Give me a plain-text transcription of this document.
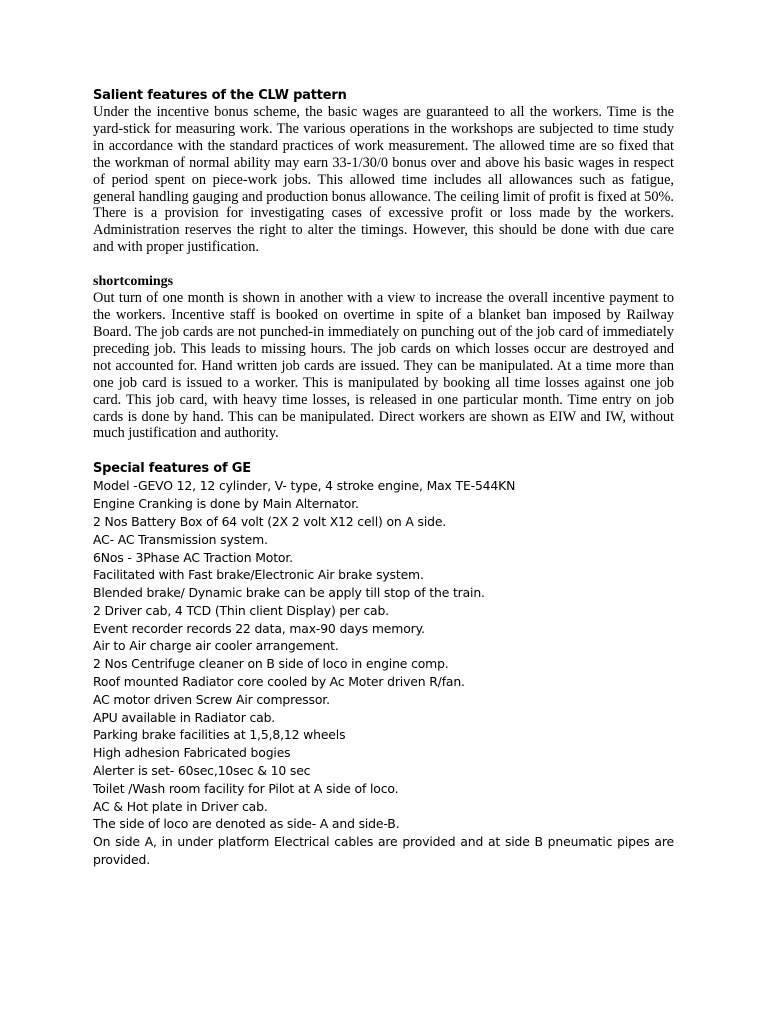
Salient features of the CLW pattern

Under the incentive bonus scheme, the basic wages are guaranteed to all the workers. Time is the yard-stick for measuring work. The various operations in the workshops are subjected to time study in accordance with the standard practices of work measurement. The allowed time are so fixed that the workman of normal ability may earn 33-1/30/0 bonus over and above his basic wages in respect of period spent on piece-work jobs. This allowed time includes all allowances such as fatigue, general handling gauging and production bonus allowance. The ceiling limit of profit is fixed at 50%. There is a provision for investigating cases of excessive profit or loss made by the workers. Administration reserves the right to alter the timings. However, this should be done with due care and with proper justification.

shortcomings

Out turn of one month is shown in another with a view to increase the overall incentive payment to the workers. Incentive staff is booked on overtime in spite of a blanket ban imposed by Railway Board. The job cards are not punched-in immediately on punching out of the job card of immediately preceding job. This leads to missing hours. The job cards on which losses occur are destroyed and not accounted for. Hand written job cards are issued. They can be manipulated. At a time more than one job card is issued to a worker. This is manipulated by booking all time losses against one job card. This job card, with heavy time losses, is released in one particular month. Time entry on job cards is done by hand. This can be manipulated. Direct workers are shown as EIW and IW, without much justification and authority.

Special features of GE
Model -GEVO 12, 12 cylinder, V- type, 4 stroke engine, Max TE-544KN
Engine Cranking is done by Main Alternator.
2 Nos Battery Box of 64 volt (2X 2 volt X12 cell) on A side.
AC- AC Transmission system.
6Nos - 3Phase AC Traction Motor.
Facilitated with Fast brake/Electronic Air brake system.
Blended brake/ Dynamic brake can be apply till stop of the train.
2 Driver cab, 4 TCD (Thin client Display) per cab.
Event recorder records 22 data, max-90 days memory.
Air to Air charge air cooler arrangement.
2 Nos Centrifuge cleaner on B side of loco in engine comp.
Roof mounted Radiator core cooled by Ac Moter driven R/fan.
AC motor driven Screw Air compressor.
APU available in Radiator cab.
Parking brake facilities at 1,5,8,12 wheels
High adhesion Fabricated bogies
Alerter is set- 60sec,10sec & 10 sec
Toilet /Wash room facility for Pilot at A side of loco.
AC & Hot plate in Driver cab.
The side of loco are denoted as side- A and side-B.
On side A, in under platform Electrical cables are provided and at side B pneumatic pipes are provided.
